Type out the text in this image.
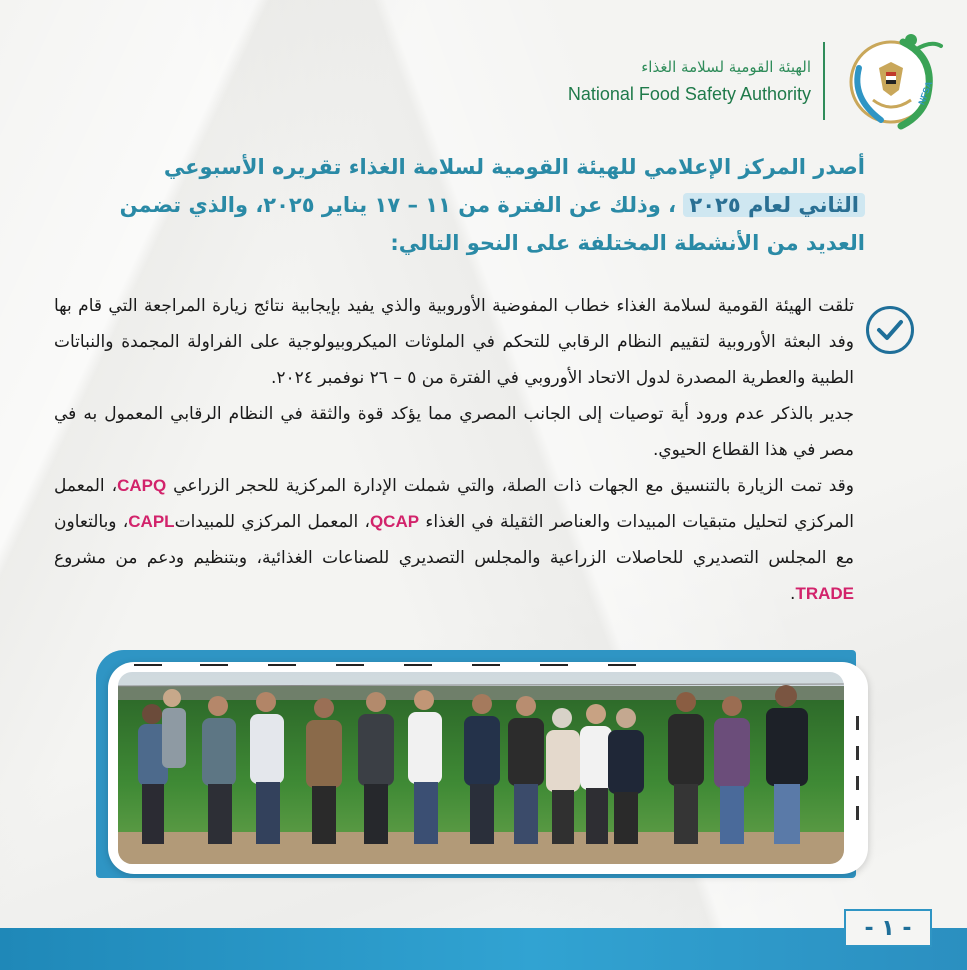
NFSA
الهيئة القومية لسلامة الغذاء
National Food Safety Authority
أصدر المركز الإعلامي للهيئة القومية لسلامة الغذاء تقريره الأسبوعي الثاني لعام ٢٠٢٥ ، وذلك عن الفترة من ١١ – ١٧ يناير ٢٠٢٥، والذي تضمن العديد من الأنشطة المختلفة على النحو التالي:

تلقت الهيئة القومية لسلامة الغذاء خطاب المفوضية الأوروبية والذي يفيد بإيجابية نتائج زيارة المراجعة التي قام بها وفد البعثة الأوروبية لتقييم النظام الرقابي للتحكم في الملوثات الميكروبيولوجية على الفراولة المجمدة والنباتات الطبية والعطرية المصدرة لدول الاتحاد الأوروبي في الفترة من ٥ – ٢٦ نوفمبر ٢٠٢٤.

جدير بالذكر عدم ورود أية توصيات إلى الجانب المصري مما يؤكد قوة والثقة في النظام الرقابي المعمول به في مصر في هذا القطاع الحيوي.

وقد تمت الزيارة بالتنسيق مع الجهات ذات الصلة، والتي شملت الإدارة المركزية للحجر الزراعي CAPQ، المعمل المركزي لتحليل متبقيات المبيدات والعناصر الثقيلة في الغذاء QCAP، المعمل المركزي للمبيداتCAPL، وبالتعاون مع المجلس التصديري للحاصلات الزراعية والمجلس التصديري للصناعات الغذائية، وبتنظيم ودعم من مشروع TRADE.

- ١ -
